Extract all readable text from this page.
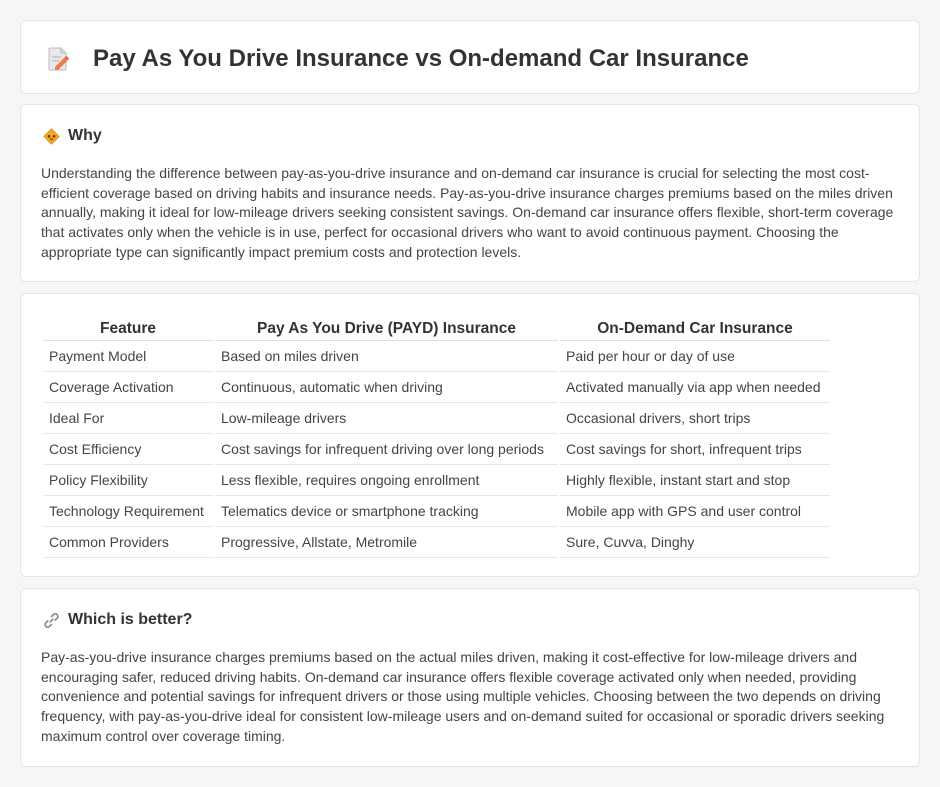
Pay As You Drive Insurance vs On-demand Car Insurance
Why

Understanding the difference between pay-as-you-drive insurance and on-demand car insurance is crucial for selecting the most cost-efficient coverage based on driving habits and insurance needs. Pay-as-you-drive insurance charges premiums based on the miles driven annually, making it ideal for low-mileage drivers seeking consistent savings. On-demand car insurance offers flexible, short-term coverage that activates only when the vehicle is in use, perfect for occasional drivers who want to avoid continuous payment. Choosing the appropriate type can significantly impact premium costs and protection levels.

Feature	Pay As You Drive (PAYD) Insurance	On-Demand Car Insurance
Payment Model	Based on miles driven	Paid per hour or day of use
Coverage Activation	Continuous, automatic when driving	Activated manually via app when needed
Ideal For	Low-mileage drivers	Occasional drivers, short trips
Cost Efficiency	Cost savings for infrequent driving over long periods	Cost savings for short, infrequent trips
Policy Flexibility	Less flexible, requires ongoing enrollment	Highly flexible, instant start and stop
Technology Requirement	Telematics device or smartphone tracking	Mobile app with GPS and user control
Common Providers	Progressive, Allstate, Metromile	Sure, Cuvva, Dinghy
Which is better?

Pay-as-you-drive insurance charges premiums based on the actual miles driven, making it cost-effective for low-mileage drivers and encouraging safer, reduced driving habits. On-demand car insurance offers flexible coverage activated only when needed, providing convenience and potential savings for infrequent drivers or those using multiple vehicles. Choosing between the two depends on driving frequency, with pay-as-you-drive ideal for consistent low-mileage users and on-demand suited for occasional or sporadic drivers seeking maximum control over coverage timing.
